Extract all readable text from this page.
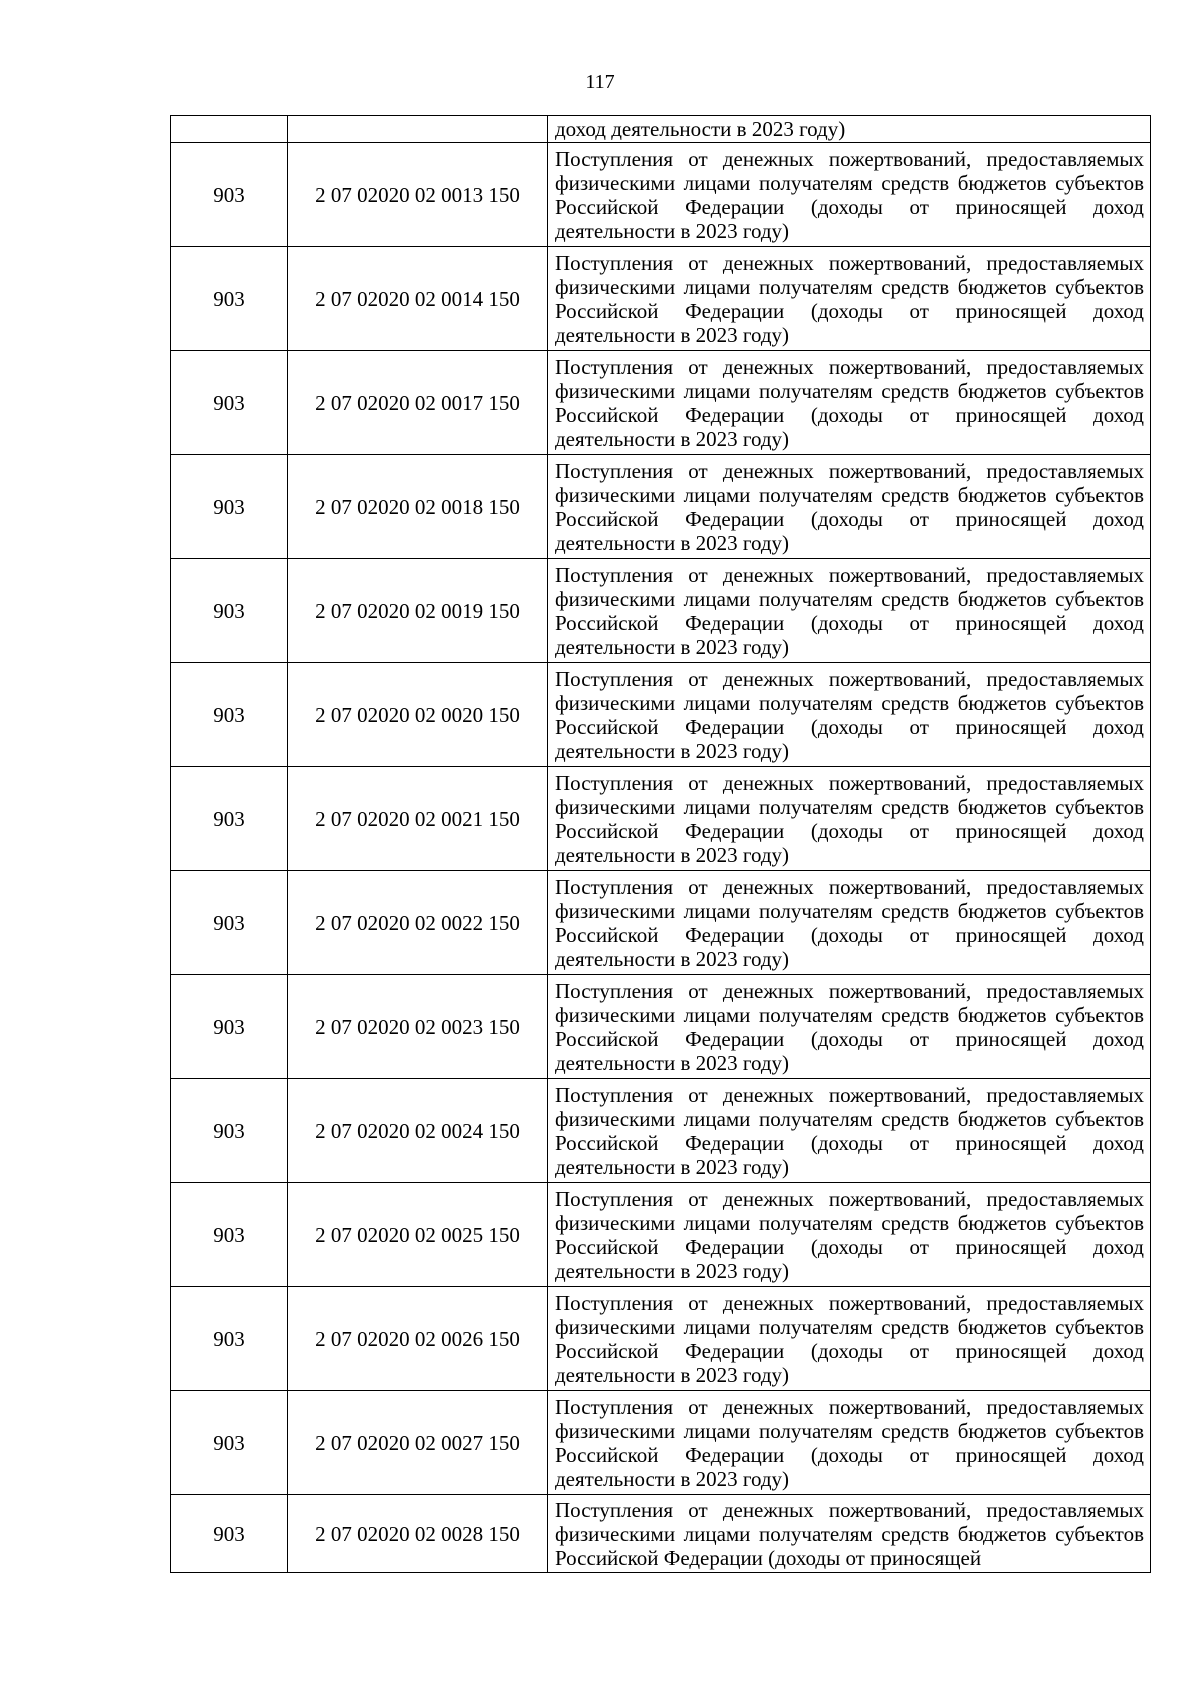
117
		доход деятельности в 2023 году)
903	2 07 02020 02 0013 150	Поступления от денежных пожертвований, предоставляемых физическими лицами получателям средств бюджетов субъектов Российской Федерации (доходы от приносящей доход деятельности в 2023 году)
903	2 07 02020 02 0014 150	Поступления от денежных пожертвований, предоставляемых физическими лицами получателям средств бюджетов субъектов Российской Федерации (доходы от приносящей доход деятельности в 2023 году)
903	2 07 02020 02 0017 150	Поступления от денежных пожертвований, предоставляемых физическими лицами получателям средств бюджетов субъектов Российской Федерации (доходы от приносящей доход деятельности в 2023 году)
903	2 07 02020 02 0018 150	Поступления от денежных пожертвований, предоставляемых физическими лицами получателям средств бюджетов субъектов Российской Федерации (доходы от приносящей доход деятельности в 2023 году)
903	2 07 02020 02 0019 150	Поступления от денежных пожертвований, предоставляемых физическими лицами получателям средств бюджетов субъектов Российской Федерации (доходы от приносящей доход деятельности в 2023 году)
903	2 07 02020 02 0020 150	Поступления от денежных пожертвований, предоставляемых физическими лицами получателям средств бюджетов субъектов Российской Федерации (доходы от приносящей доход деятельности в 2023 году)
903	2 07 02020 02 0021 150	Поступления от денежных пожертвований, предоставляемых физическими лицами получателям средств бюджетов субъектов Российской Федерации (доходы от приносящей доход деятельности в 2023 году)
903	2 07 02020 02 0022 150	Поступления от денежных пожертвований, предоставляемых физическими лицами получателям средств бюджетов субъектов Российской Федерации (доходы от приносящей доход деятельности в 2023 году)
903	2 07 02020 02 0023 150	Поступления от денежных пожертвований, предоставляемых физическими лицами получателям средств бюджетов субъектов Российской Федерации (доходы от приносящей доход деятельности в 2023 году)
903	2 07 02020 02 0024 150	Поступления от денежных пожертвований, предоставляемых физическими лицами получателям средств бюджетов субъектов Российской Федерации (доходы от приносящей доход деятельности в 2023 году)
903	2 07 02020 02 0025 150	Поступления от денежных пожертвований, предоставляемых физическими лицами получателям средств бюджетов субъектов Российской Федерации (доходы от приносящей доход деятельности в 2023 году)
903	2 07 02020 02 0026 150	Поступления от денежных пожертвований, предоставляемых физическими лицами получателям средств бюджетов субъектов Российской Федерации (доходы от приносящей доход деятельности в 2023 году)
903	2 07 02020 02 0027 150	Поступления от денежных пожертвований, предоставляемых физическими лицами получателям средств бюджетов субъектов Российской Федерации (доходы от приносящей доход деятельности в 2023 году)
903	2 07 02020 02 0028 150	Поступления от денежных пожертвований, предоставляемых физическими лицами получателям средств бюджетов субъектов Российской Федерации (доходы от приносящей
